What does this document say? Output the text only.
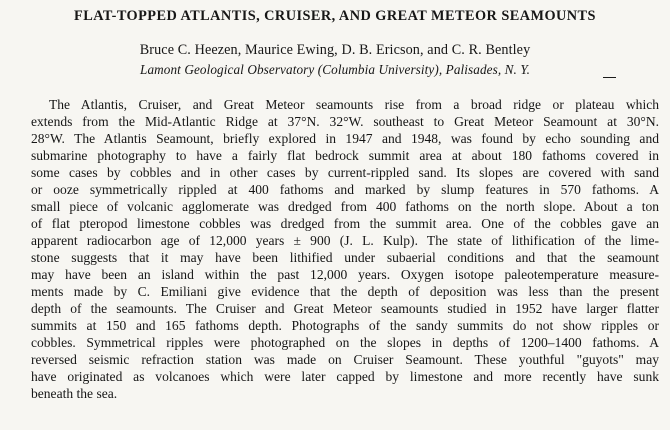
FLAT-TOPPED ATLANTIS, CRUISER, AND GREAT METEOR SEAMOUNTS
Bruce C. Heezen, Maurice Ewing, D. B. Ericson, and C. R. Bentley
Lamont Geological Observatory (Columbia University), Palisades, N. Y.
The Atlantis, Cruiser, and Great Meteor seamounts rise from a broad ridge or plateau which
extends from the Mid-Atlantic Ridge at 37°N. 32°W. southeast to Great Meteor Seamount at 30°N.
28°W. The Atlantis Seamount, briefly explored in 1947 and 1948, was found by echo sounding and
submarine photography to have a fairly flat bedrock summit area at about 180 fathoms covered in
some cases by cobbles and in other cases by current-rippled sand. Its slopes are covered with sand
or ooze symmetrically rippled at 400 fathoms and marked by slump features in 570 fathoms. A
small piece of volcanic agglomerate was dredged from 400 fathoms on the north slope. About a ton
of flat pteropod limestone cobbles was dredged from the summit area. One of the cobbles gave an
apparent radiocarbon age of 12,000 years ± 900 (J. L. Kulp). The state of lithification of the lime-
stone suggests that it may have been lithified under subaerial conditions and that the seamount
may have been an island within the past 12,000 years. Oxygen isotope paleotemperature measure-
ments made by C. Emiliani give evidence that the depth of deposition was less than the present
depth of the seamounts. The Cruiser and Great Meteor seamounts studied in 1952 have larger flatter
summits at 150 and 165 fathoms depth. Photographs of the sandy summits do not show ripples or
cobbles. Symmetrical ripples were photographed on the slopes in depths of 1200–1400 fathoms. A
reversed seismic refraction station was made on Cruiser Seamount. These youthful "guyots" may
have originated as volcanoes which were later capped by limestone and more recently have sunk
beneath the sea.
